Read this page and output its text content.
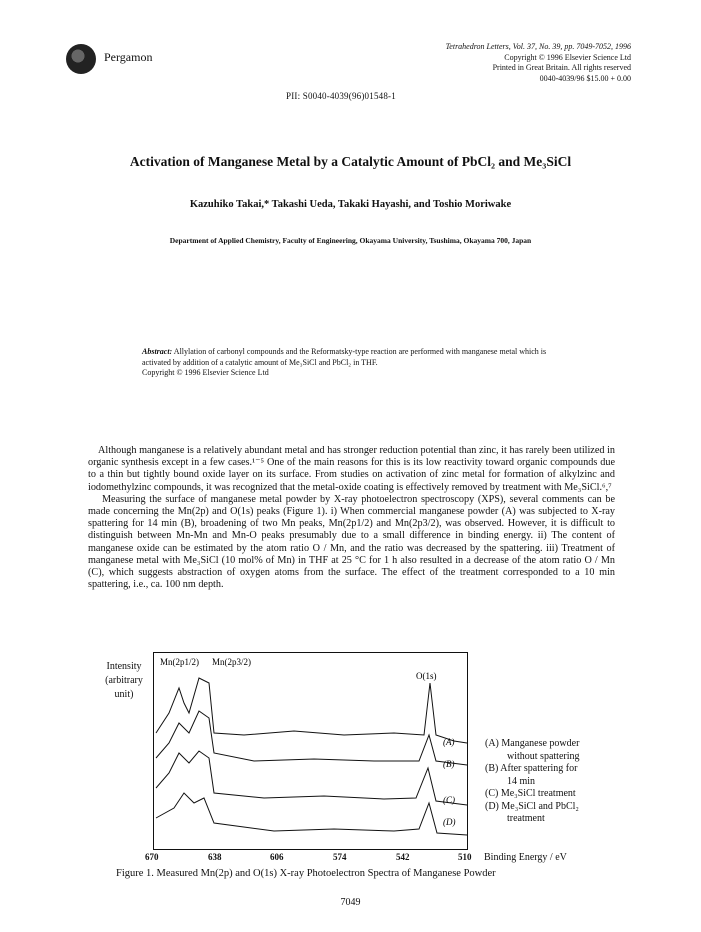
Pergamon
Tetrahedron Letters, Vol. 37, No. 39, pp. 7049-7052, 1996
Copyright © 1996 Elsevier Science Ltd
Printed in Great Britain. All rights reserved
0040-4039/96 $15.00 + 0.00
PII: S0040-4039(96)01548-1
Activation of Manganese Metal by a Catalytic Amount of PbCl₂ and Me₃SiCl
Kazuhiko Takai,* Takashi Ueda, Takaki Hayashi, and Toshio Moriwake
Department of Applied Chemistry, Faculty of Engineering, Okayama University, Tsushima, Okayama 700, Japan
Abstract: Allylation of carbonyl compounds and the Reformatsky-type reaction are performed with manganese metal which is activated by addition of a catalytic amount of Me₃SiCl and PbCl₂ in THF.
Copyright © 1996 Elsevier Science Ltd

Although manganese is a relatively abundant metal and has stronger reduction potential than zinc, it has rarely been utilized in organic synthesis except in a few cases.¹⁻⁵ One of the main reasons for this is its low reactivity toward organic compounds due to a thin but tightly bound oxide layer on its surface. From studies on activation of zinc metal for formation of alkylzinc and iodomethylzinc compounds, it was recognized that the metal-oxide coating is effectively removed by treatment with Me₃SiCl.⁶,⁷

Measuring the surface of manganese metal powder by X-ray photoelectron spectroscopy (XPS), several comments can be made concerning the Mn(2p) and O(1s) peaks (Figure 1). i) When commercial manganese powder (A) was subjected to X-ray spattering for 14 min (B), broadening of two Mn peaks, Mn(2p1/2) and Mn(2p3/2), was observed. However, it is difficult to distinguish between Mn-Mn and Mn-O peaks presumably due to a small difference in binding energy. ii) The content of manganese oxide can be estimated by the atom ratio O / Mn, and the ratio was decreased by the spattering. iii) Treatment of manganese metal with Me₃SiCl (10 mol% of Mn) in THF at 25 °C for 1 h also resulted in a decrease of the atom ratio O / Mn (C), which suggests abstraction of oxygen atoms from the surface. The effect of the treatment corresponded to a 10 min spattering, i.e., ca. 100 nm depth.

Intensity
(arbitrary
unit)
Mn(2p1/2) Mn(2p3/2)
O(1s)
(A)
(B)
(C)
(D)
(A) Manganese powder
without spattering
(B) After spattering for
14 min
(C) Me₃SiCl treatment
(D) Me₃SiCl and PbCl₂
treatment
670	638	606	574	542	510 Binding Energy / eV
Figure 1. Measured Mn(2p) and O(1s) X-ray Photoelectron Spectra of Manganese Powder
7049
